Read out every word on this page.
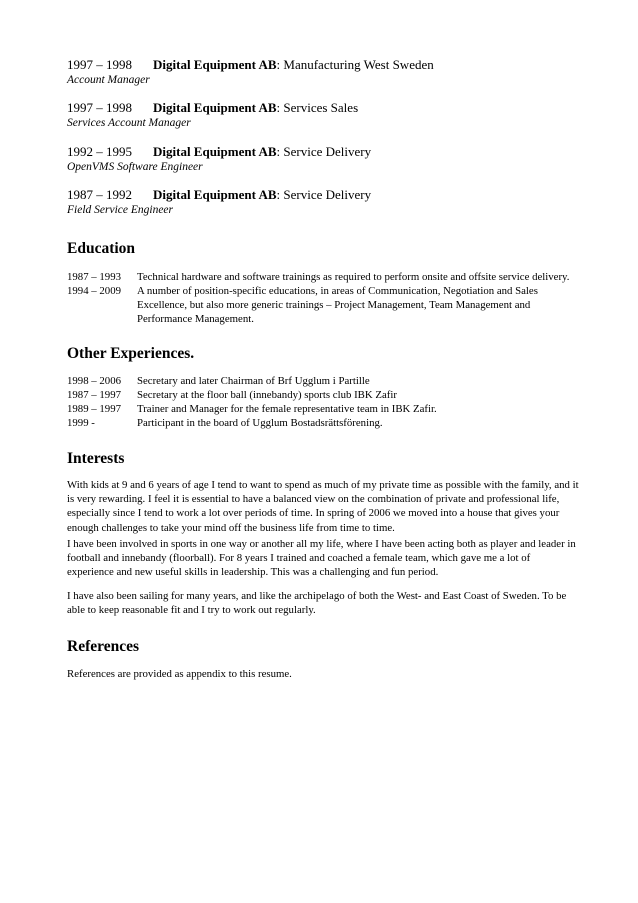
1997 – 1998 Digital Equipment AB: Manufacturing West Sweden
Account Manager
1997 – 1998 Digital Equipment AB: Services Sales
Services Account Manager
1992 – 1995 Digital Equipment AB: Service Delivery
OpenVMS Software Engineer
1987 – 1992 Digital Equipment AB: Service Delivery
Field Service Engineer
Education
1987 – 1993	Technical hardware and software trainings as required to perform onsite and offsite service delivery.
1994 – 2009	A number of position-specific educations, in areas of Communication, Negotiation and Sales Excellence, but also more generic trainings – Project Management, Team Management and Performance Management.
Other Experiences.
1998 – 2006	Secretary and later Chairman of Brf Ugglum i Partille
1987 – 1997	Secretary at the floor ball (innebandy) sports club IBK Zafir
1989 – 1997	Trainer and Manager for the female representative team in IBK Zafir.
1999 -	Participant in the board of Ugglum Bostadsrättsförening.
Interests
With kids at 9 and 6 years of age I tend to want to spend as much of my private time as possible with the family, and it is very rewarding. I feel it is essential to have a balanced view on the combination of private and professional life, especially since I tend to work a lot over periods of time. In spring of 2006 we moved into a house that gives your enough challenges to take your mind off the business life from time to time.
I have been involved in sports in one way or another all my life, where I have been acting both as player and leader in football and innebandy (floorball). For 8 years I trained and coached a female team, which gave me a lot of experience and new useful skills in leadership. This was a challenging and fun period.
I have also been sailing for many years, and like the archipelago of both the West- and East Coast of Sweden. To be able to keep reasonable fit and I try to work out regularly.
References
References are provided as appendix to this resume.
